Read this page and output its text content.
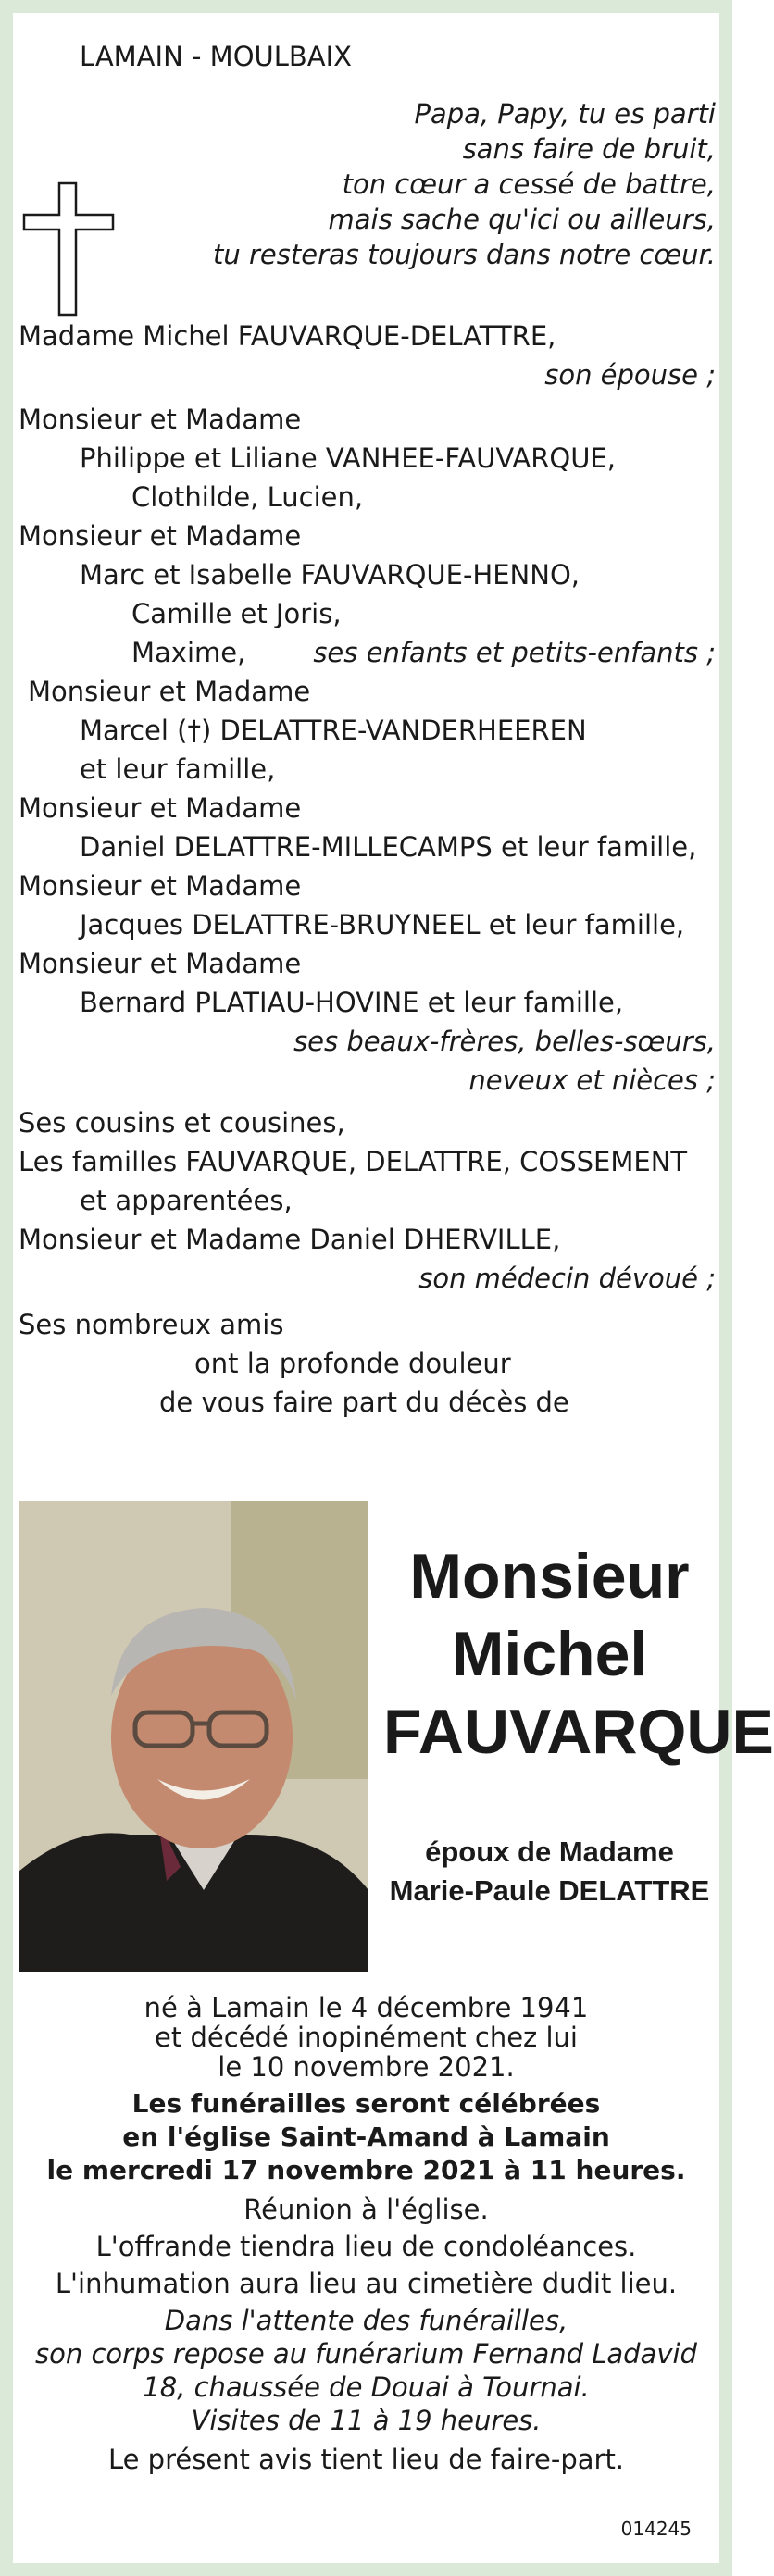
LAMAIN - MOULBAIX
Papa, Papy, tu es parti
sans faire de bruit,
ton cœur a cessé de battre,
mais sache qu'ici ou ailleurs,
tu resteras toujours dans notre cœur.
Madame Michel FAUVARQUE-DELATTRE,
son épouse ;
Monsieur et Madame
Philippe et Liliane VANHEE-FAUVARQUE,
Clothilde, Lucien,
Monsieur et Madame
Marc et Isabelle FAUVARQUE-HENNO,
Camille et Joris,
Maxime,	ses enfants et petits-enfants ;
Monsieur et Madame
Marcel (†) DELATTRE-VANDERHEEREN
et leur famille,
Monsieur et Madame
Daniel DELATTRE-MILLECAMPS et leur famille,
Monsieur et Madame
Jacques DELATTRE-BRUYNEEL et leur famille,
Monsieur et Madame
Bernard PLATIAU-HOVINE et leur famille,
ses beaux-frères, belles-sœurs,
neveux et nièces ;
Ses cousins et cousines,
Les familles FAUVARQUE, DELATTRE, COSSEMENT
et apparentées,
Monsieur et Madame Daniel DHERVILLE,
son médecin dévoué ;
Ses nombreux amis
ont la profonde douleur
de vous faire part du décès de
Monsieur
Michel
FAUVARQUE
époux de Madame
Marie-Paule DELATTRE
né à Lamain le 4 décembre 1941
et décédé inopinément chez lui
le 10 novembre 2021.
Les funérailles seront célébrées
en l'église Saint-Amand à Lamain
le mercredi 17 novembre 2021 à 11 heures.
Réunion à l'église.
L'offrande tiendra lieu de condoléances.
L'inhumation aura lieu au cimetière dudit lieu.
Dans l'attente des funérailles,
son corps repose au funérarium Fernand Ladavid
18, chaussée de Douai à Tournai.
Visites de 11 à 19 heures.
Le présent avis tient lieu de faire-part.
014245
